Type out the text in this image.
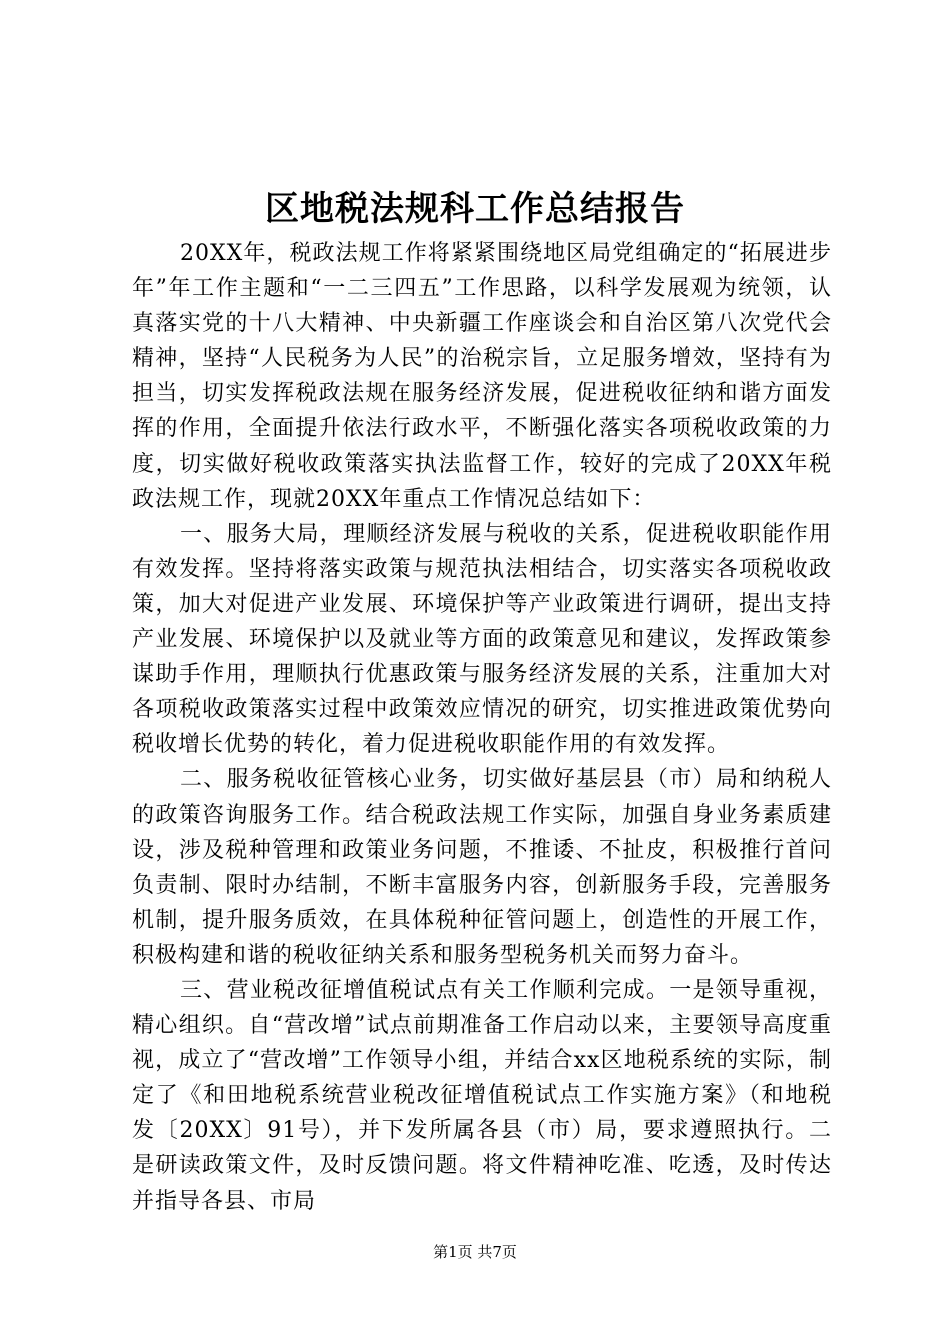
区地税法规科工作总结报告

20XX年，税政法规工作将紧紧围绕地区局党组确定的“拓展进步年”年工作主题和“一二三四五”工作思路，以科学发展观为统领，认真落实党的十八大精神、中央新疆工作座谈会和自治区第八次党代会精神，坚持“人民税务为人民”的治税宗旨，立足服务增效，坚持有为担当，切实发挥税政法规在服务经济发展，促进税收征纳和谐方面发挥的作用，全面提升依法行政水平，不断强化落实各项税收政策的力度，切实做好税收政策落实执法监督工作，较好的完成了20XX年税政法规工作，现就20XX年重点工作情况总结如下：

一、服务大局，理顺经济发展与税收的关系，促进税收职能作用有效发挥。坚持将落实政策与规范执法相结合，切实落实各项税收政策，加大对促进产业发展、环境保护等产业政策进行调研，提出支持产业发展、环境保护以及就业等方面的政策意见和建议，发挥政策参谋助手作用，理顺执行优惠政策与服务经济发展的关系，注重加大对各项税收政策落实过程中政策效应情况的研究，切实推进政策优势向税收增长优势的转化，着力促进税收职能作用的有效发挥。

二、服务税收征管核心业务，切实做好基层县（市）局和纳税人的政策咨询服务工作。结合税政法规工作实际，加强自身业务素质建设，涉及税种管理和政策业务问题，不推诿、不扯皮，积极推行首问负责制、限时办结制，不断丰富服务内容，创新服务手段，完善服务机制，提升服务质效，在具体税种征管问题上，创造性的开展工作，积极构建和谐的税收征纳关系和服务型税务机关而努力奋斗。

三、营业税改征增值税试点有关工作顺利完成。一是领导重视，精心组织。自“营改增”试点前期准备工作启动以来，主要领导高度重视，成立了“营改增”工作领导小组，并结合xx区地税系统的实际，制定了《和田地税系统营业税改征增值税试点工作实施方案》（和地税发〔20XX〕91号），并下发所属各县（市）局，要求遵照执行。二是研读政策文件，及时反馈问题。将文件精神吃准、吃透，及时传达并指导各县、市局

第1页 共7页
